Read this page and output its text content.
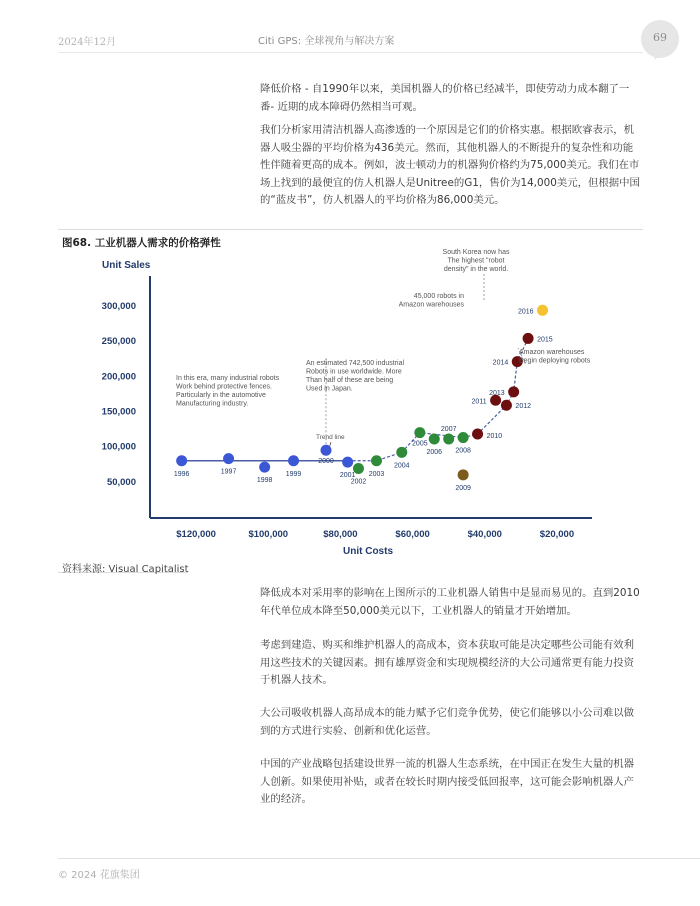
2024年12月	Citi GPS: 全球视角与解决方案	69

降低价格 - 自1990年以来，美国机器人的价格已经减半，即使劳动力成本翻了一番- 近期的成本障碍仍然相当可观。

我们分析家用清洁机器人高渗透的一个原因是它们的价格实惠。根据欧睿表示，机器人吸尘器的平均价格为436美元。然而，其他机器人的不断提升的复杂性和功能性伴随着更高的成本。例如，波士顿动力的机器狗价格约为75,000美元。我们在市场上找到的最便宜的仿人机器人是Unitree的G1，售价为14,000美元，但根据中国的“蓝皮书”，仿人机器人的平均价格为86,000美元。

图68. 工业机器人需求的价格弹性
Unit Sales
Unit Costs
50,000
100,000
150,000
200,000
250,000
300,000
$120,000	$100,000	$80,000	$60,000	$40,000	$20,000
1996	1997
1998
1999
2000
2001
2002
2003
2004
2005
2006
2007
2008
2009
2010
2011
2012
2013
2014
2015
2016
In this era, many industrial robots
Work behind protective fences.
Particularly in the automotive
Manufacturing industry.
An estimated 742,500 industrial
Robots in use worldwide. More
Than half of these are being
Used in Japan.
South Korea now has
The highest "robot
density" in the world.
45,000 robots in
Amazon warehouses
Amazon warehouses
Begin deploying robots
Trend line
资料来源: Visual Capitalist

降低成本对采用率的影响在上图所示的工业机器人销售中是显而易见的。直到2010年代单位成本降至50,000美元以下，工业机器人的销量才开始增加。

考虑到建造、购买和维护机器人的高成本，资本获取可能是决定哪些公司能有效利用这些技术的关键因素。拥有雄厚资金和实现规模经济的大公司通常更有能力投资于机器人技术。

大公司吸收机器人高昂成本的能力赋予它们竞争优势，使它们能够以小公司难以做到的方式进行实验、创新和优化运营。

中国的产业战略包括建设世界一流的机器人生态系统，在中国正在发生大量的机器人创新。如果使用补贴，或者在较长时期内接受低回报率，这可能会影响机器人产业的经济。

© 2024 花旗集团
